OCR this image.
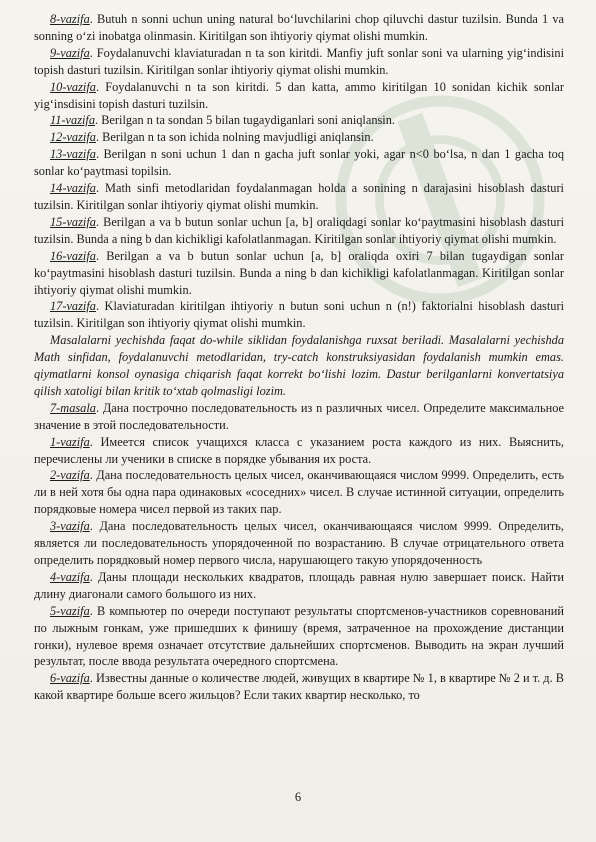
8-vazifa. Butuh n sonni uchun uning natural bo‘luvchilarini chop qiluvchi dastur tuzilsin. Bunda 1 va sonning o‘zi inobatga olinmasin. Kiritilgan son ihtiyoriy qiymat olishi mumkin.

9-vazifa. Foydalanuvchi klaviaturadan n ta son kiritdi. Manfiy juft sonlar soni va ularning yig‘indisini topish dasturi tuzilsin. Kiritilgan sonlar ihtiyoriy qiymat olishi mumkin.

10-vazifa. Foydalanuvchi n ta son kiritdi. 5 dan katta, ammo kiritilgan 10 sonidan kichik sonlar yig‘insdisini topish dasturi tuzilsin.

11-vazifa. Berilgan n ta sondan 5 bilan tugaydiganlari soni aniqlansin.

12-vazifa. Berilgan n ta son ichida nolning mavjudligi aniqlansin.

13-vazifa. Berilgan n soni uchun 1 dan n gacha juft sonlar yoki, agar n<0 bo‘lsa, n dan 1 gacha toq sonlar ko‘paytmasi topilsin.

14-vazifa. Math sinfi metodlaridan foydalanmagan holda a sonining n darajasini hisoblash dasturi tuzilsin. Kiritilgan sonlar ihtiyoriy qiymat olishi mumkin.

15-vazifa. Berilgan a va b butun sonlar uchun [a, b] oraliqdagi sonlar ko‘paytmasini hisoblash dasturi tuzilsin. Bunda a ning b dan kichikligi kafolatlanmagan. Kiritilgan sonlar ihtiyoriy qiymat olishi mumkin.

16-vazifa. Berilgan a va b butun sonlar uchun [a, b] oraliqda oxiri 7 bilan tugaydigan sonlar ko‘paytmasini hisoblash dasturi tuzilsin. Bunda a ning b dan kichikligi kafolatlanmagan. Kiritilgan sonlar ihtiyoriy qiymat olishi mumkin.

17-vazifa. Klaviaturadan kiritilgan ihtiyoriy n butun soni uchun n (n!) faktorialni hisoblash dasturi tuzilsin. Kiritilgan son ihtiyoriy qiymat olishi mumkin.

Masalalarni yechishda faqat do-while siklidan foydalanishga ruxsat beriladi. Masalalarni yechishda Math sinfidan, foydalanuvchi metodlaridan, try-catch konstruksiyasidan foydalanish mumkin emas. qiymatlarni konsol oynasiga chiqarish faqat korrekt bo‘lishi lozim. Dastur berilganlarni konvertatsiya qilish xatoligi bilan kritik to‘xtab qolmasligi lozim.

7-masala. Дана построчно последовательность из n различных чисел. Определите максимальное значение в этой последовательности.

1-vazifa. Имеется список учащихся класса с указанием роста каждого из них. Выяснить, перечислены ли ученики в списке в порядке убывания их роста.

2-vazifa. Дана последовательность целых чисел, оканчивающаяся числом 9999. Определить, есть ли в ней хотя бы одна пара одинаковых «соседних» чисел. В случае истинной ситуации, определить порядковые номера чисел первой из таких пар.

3-vazifa. Дана последовательность целых чисел, оканчивающаяся числом 9999. Определить, является ли последовательность упорядоченной по возрастанию. В случае отрицательного ответа определить порядковый номер первого числа, нарушающего такую упорядоченность

4-vazifa. Даны площади нескольких квадратов, площадь равная нулю завершает поиск. Найти длину диагонали самого большого из них.

5-vazifa. В компьютер по очереди поступают результаты спортсменов-участников соревнований по лыжным гонкам, уже пришедших к финишу (время, затраченное на прохождение дистанции гонки), нулевое время означает отсутствие дальнейших спортсменов. Выводить на экран лучший результат, после ввода результата очередного спортсмена.

6-vazifa. Известны данные о количестве людей, живущих в квартире № 1, в квартире № 2 и т. д. В какой квартире больше всего жильцов? Если таких квартир несколько, то

6
